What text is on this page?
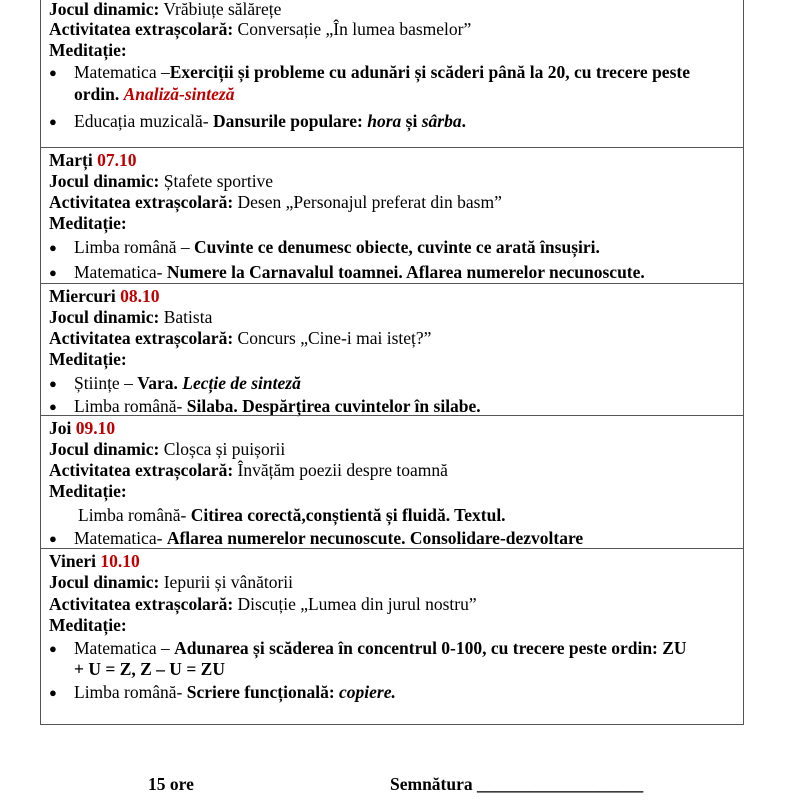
Jocul dinamic: Vrăbiuțe sălărețe
Activitatea extrașcolară: Conversație „În lumea basmelor”
Meditație:
● Matematica –Exerciții și probleme cu adunări și scăderi până la 20, cu trecere peste
ordin. Analiză-sinteză
● Educația muzicală- Dansurile populare: hora și sârba.
Marți 07.10
Jocul dinamic: Ștafete sportive
Activitatea extrașcolară: Desen „Personajul preferat din basm”
Meditație:
● Limba română – Cuvinte ce denumesc obiecte, cuvinte ce arată însușiri.
● Matematica- Numere la Carnavalul toamnei. Aflarea numerelor necunoscute.
Miercuri 08.10
Jocul dinamic: Batista
Activitatea extrașcolară: Concurs „Cine-i mai isteț?”
Meditație:
● Științe – Vara. Lecție de sinteză
● Limba română- Silaba. Despărțirea cuvintelor în silabe.
Joi 09.10
Jocul dinamic: Cloșca și puișorii
Activitatea extrașcolară: Învățăm poezii despre toamnă
Meditație:
Limba română- Citirea corectă,conștientă și fluidă. Textul.
● Matematica- Aflarea numerelor necunoscute. Consolidare-dezvoltare
Vineri 10.10
Jocul dinamic: Iepurii și vânătorii
Activitatea extrașcolară: Discuție „Lumea din jurul nostru”
Meditație:
● Matematica – Adunarea și scăderea în concentrul 0-100, cu trecere peste ordin: ZU
+ U = Z, Z – U = ZU
● Limba română- Scriere funcțională: copiere.
15 ore	Semnătura ___________________
